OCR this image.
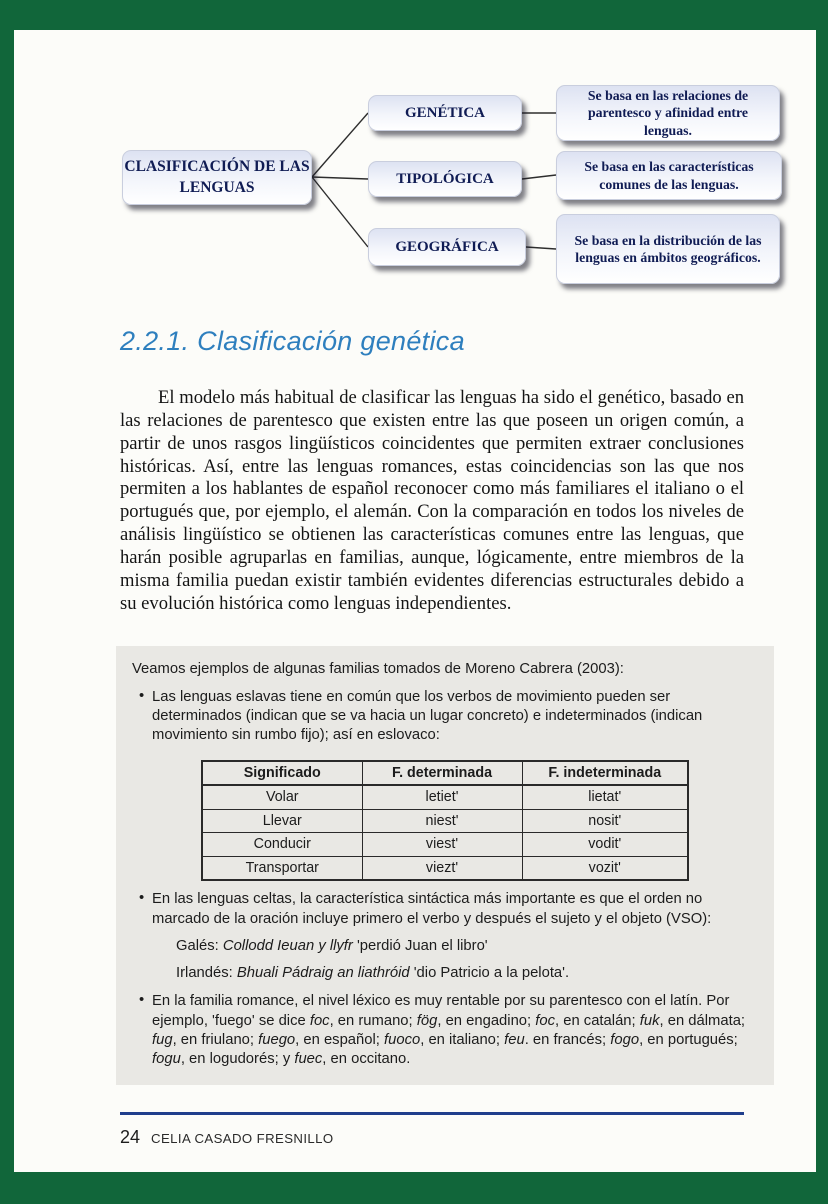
CLASIFICACIÓN DE LAS LENGUAS
GENÉTICA
TIPOLÓGICA
GEOGRÁFICA
Se basa en las relaciones de parentesco y afinidad entre lenguas.
Se basa en las características comunes de las lenguas.
Se basa en la distribución de las lenguas en ámbitos geográficos.
2.2.1. Clasificación genética

El modelo más habitual de clasificar las lenguas ha sido el genético, basado en las relaciones de parentesco que existen entre las que poseen un origen común, a partir de unos rasgos lingüísticos coincidentes que permiten extraer conclusiones históricas. Así, entre las lenguas romances, estas coincidencias son las que nos permiten a los hablantes de español reconocer como más familiares el italiano o el portugués que, por ejemplo, el alemán. Con la comparación en todos los niveles de análisis lingüístico se obtienen las características comunes entre las lenguas, que harán posible agruparlas en familias, aunque, lógicamente, entre miembros de la misma familia puedan existir también evidentes diferencias estructurales debido a su evolución histórica como lenguas independientes.

Veamos ejemplos de algunas familias tomados de Moreno Cabrera (2003):

• Las lenguas eslavas tiene en común que los verbos de movimiento pueden ser determinados (indican que se va hacia un lugar concreto) e indeterminados (indican movimiento sin rumbo fijo); así en eslovaco:
Significado	F. determinada	F. indeterminada
Volar	letiet'	lietat'
Llevar	niest'	nosit'
Conducir	viest'	vodit'
Transportar	viezt'	vozit'
• En las lenguas celtas, la característica sintáctica más importante es que el orden no marcado de la oración incluye primero el verbo y después el sujeto y el objeto (VSO):
Galés: Collodd Ieuan y llyfr 'perdió Juan el libro'
Irlandés: Bhuali Pádraig an liathróid 'dio Patricio a la pelota'.
• En la familia romance, el nivel léxico es muy rentable por su parentesco con el latín. Por ejemplo, 'fuego' se dice foc, en rumano; fög, en engadino; foc, en catalán; fuk, en dálmata; fug, en friulano; fuego, en español; fuoco, en italiano; feu. en francés; fogo, en portugués; fogu, en logudorés; y fuec, en occitano.
24 CELIA CASADO FRESNILLO
